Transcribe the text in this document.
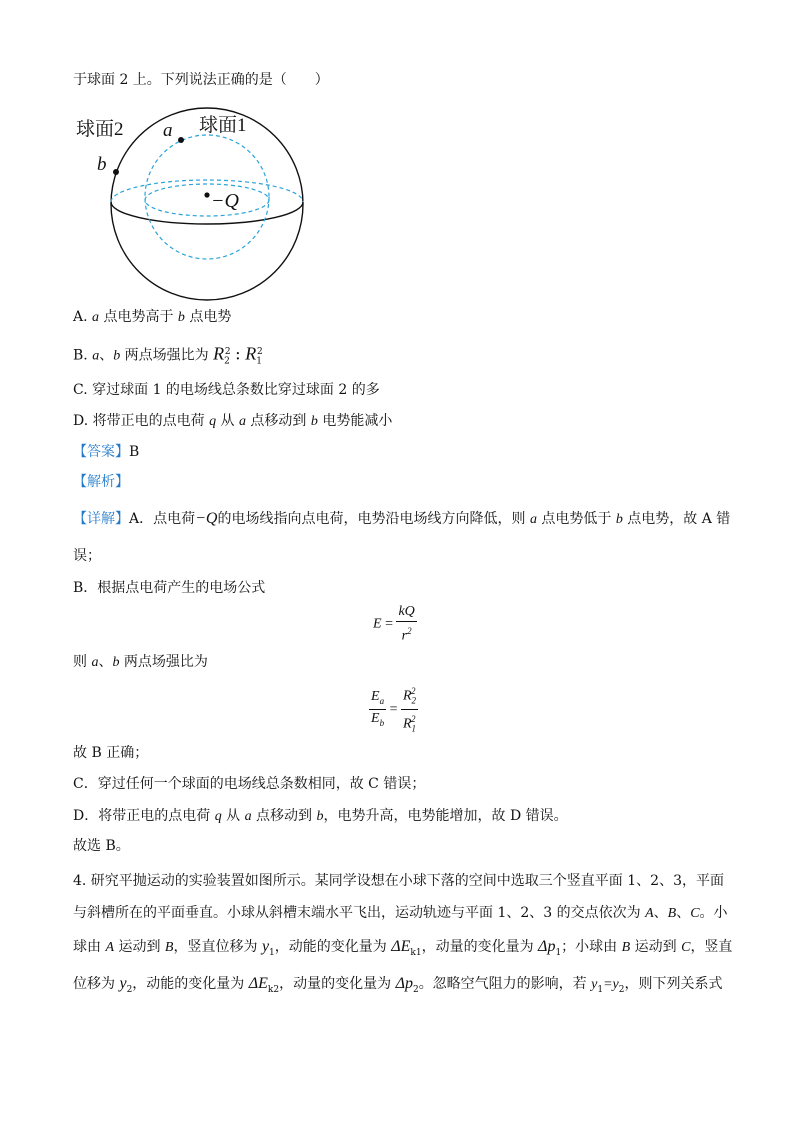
于球面 2 上。下列说法正确的是（　　）
球面2	球面1
a
b
−Q
A. a 点电势高于 b 点电势
B. a、b 两点场强比为 $R_2^2$ : $R_1^2$
C. 穿过球面 1 的电场线总条数比穿过球面 2 的多
D. 将带正电的点电荷 q 从 a 点移动到 b 电势能减小
【答案】B
【解析】
【详解】A．点电荷−Q的电场线指向点电荷，电势沿电场线方向降低，则 a 点电势低于 b 点电势，故 A 错
误；
B．根据点电荷产生的电场公式
$E = \frac{kQ}{r^2}$
则 a、b 两点场强比为
$\frac{E_a}{E_b} = \frac{R_2^2}{R_1^2}$
故 B 正确；
C．穿过任何一个球面的电场线总条数相同，故 C 错误；
D．将带正电的点电荷 q 从 a 点移动到 b，电势升高，电势能增加，故 D 错误。
故选 B。
4. 研究平抛运动的实验装置如图所示。某同学设想在小球下落的空间中选取三个竖直平面 1、2、3，平面
与斜槽所在的平面垂直。小球从斜槽末端水平飞出，运动轨迹与平面 1、2、3 的交点依次为 A、B、C。小
球由 A 运动到 B，竖直位移为 $y_1$，动能的变化量为 $\Delta E_{k1}$，动量的变化量为 $\Delta p_1$；小球由 B 运动到 C，竖直
位移为 $y_2$，动能的变化量为 $\Delta E_{k2}$，动量的变化量为 $\Delta p_2$。忽略空气阻力的影响，若 $y_1=y_2$，则下列关系式
